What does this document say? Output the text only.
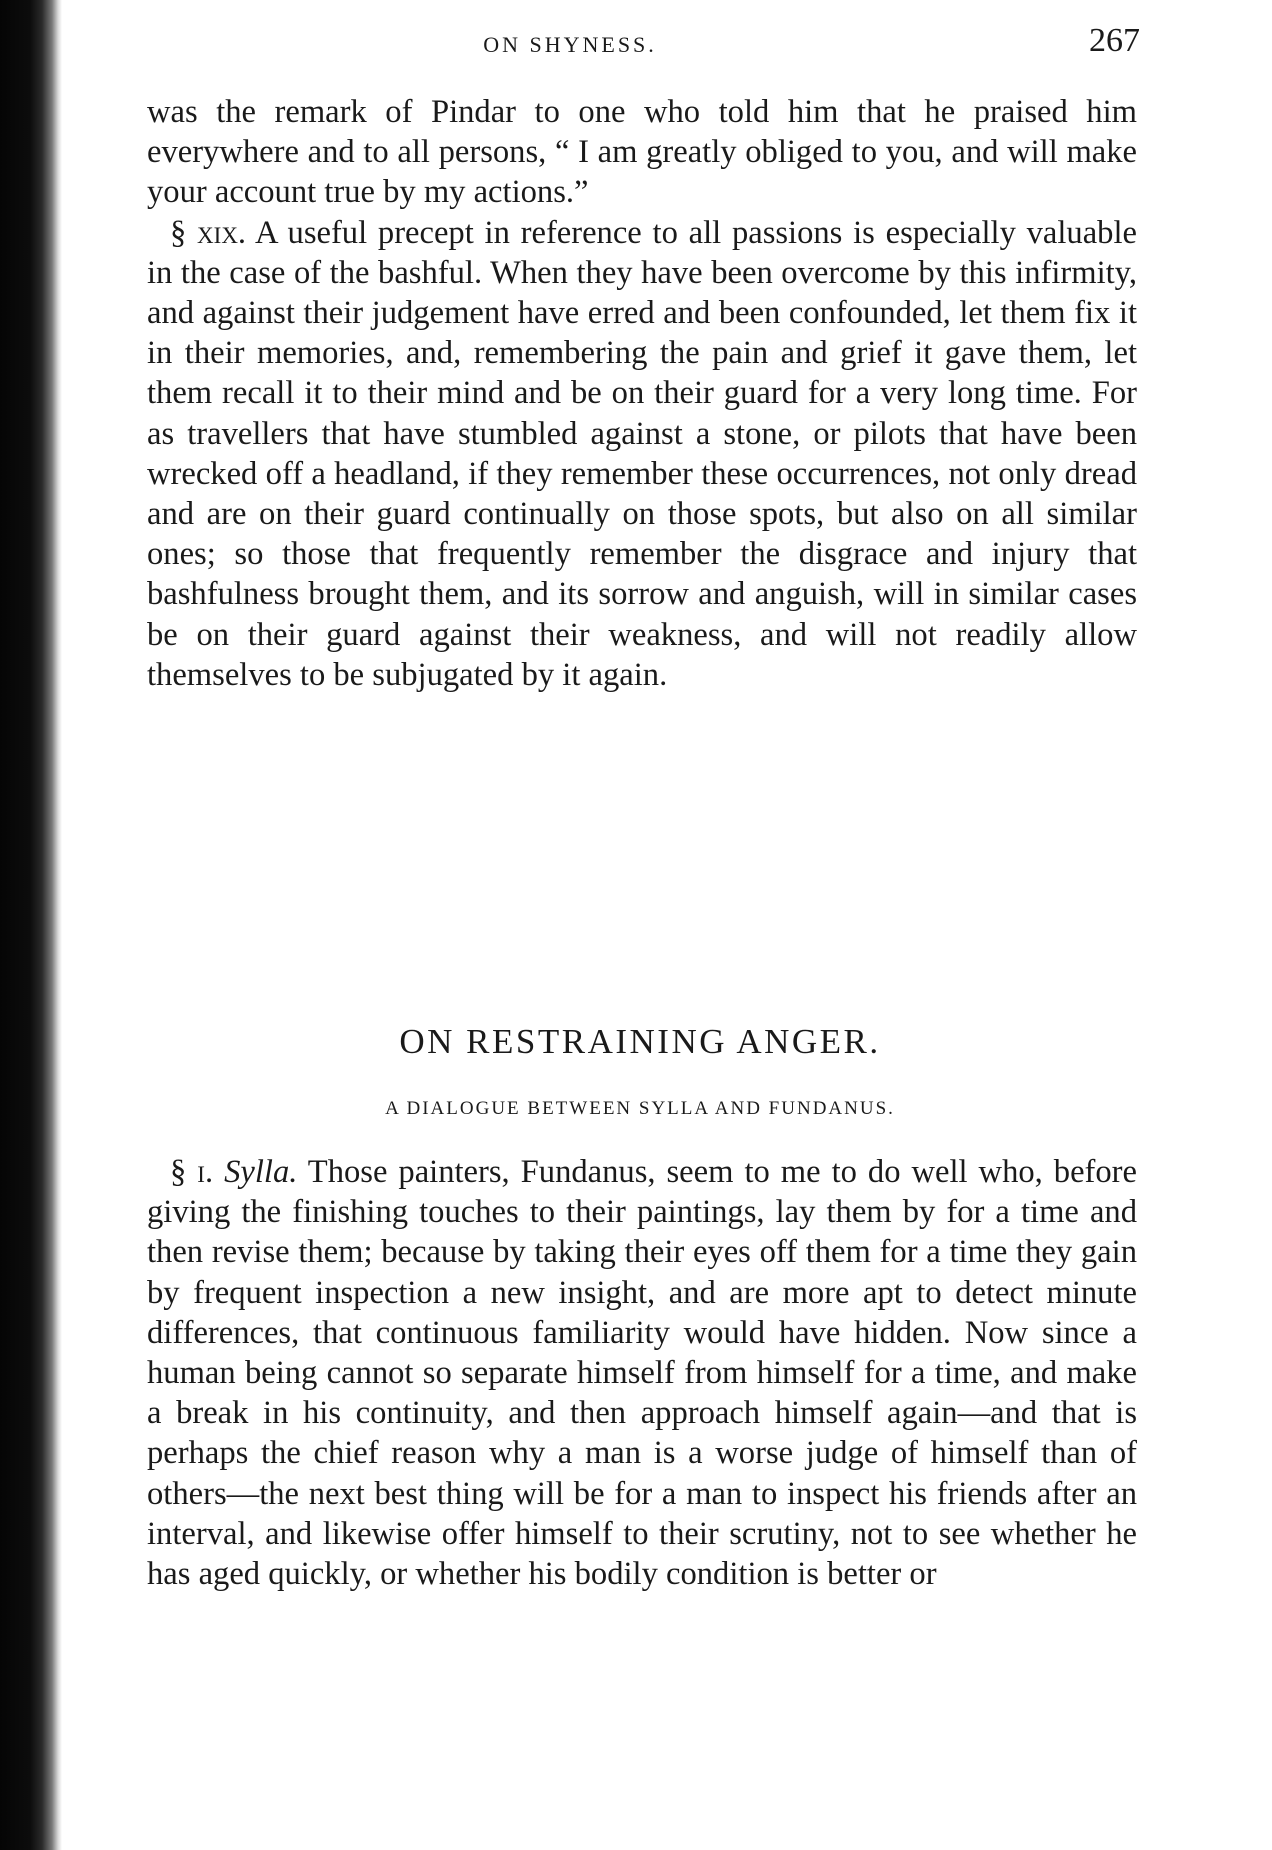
ON SHYNESS.	267

was the remark of Pindar to one who told him that he praised him everywhere and to all persons, “ I am greatly obliged to you, and will make your account true by my actions.”

§ xix. A useful precept in reference to all passions is especially valuable in the case of the bashful. When they have been overcome by this infirmity, and against their judgement have erred and been confounded, let them fix it in their memories, and, remembering the pain and grief it gave them, let them recall it to their mind and be on their guard for a very long time. For as travellers that have stumbled against a stone, or pilots that have been wrecked off a headland, if they remember these occurrences, not only dread and are on their guard continually on those spots, but also on all similar ones; so those that frequently remember the disgrace and injury that bashfulness brought them, and its sorrow and anguish, will in similar cases be on their guard against their weakness, and will not readily allow themselves to be subjugated by it again.

ON RESTRAINING ANGER.
A DIALOGUE BETWEEN SYLLA AND FUNDANUS.

§ i. Sylla. Those painters, Fundanus, seem to me to do well who, before giving the finishing touches to their paintings, lay them by for a time and then revise them; because by taking their eyes off them for a time they gain by frequent inspection a new insight, and are more apt to detect minute differences, that continuous familiarity would have hidden. Now since a human being cannot so separate himself from himself for a time, and make a break in his continuity, and then approach himself again—and that is perhaps the chief reason why a man is a worse judge of himself than of others—the next best thing will be for a man to inspect his friends after an interval, and likewise offer himself to their scrutiny, not to see whether he has aged quickly, or whether his bodily condition is better or
